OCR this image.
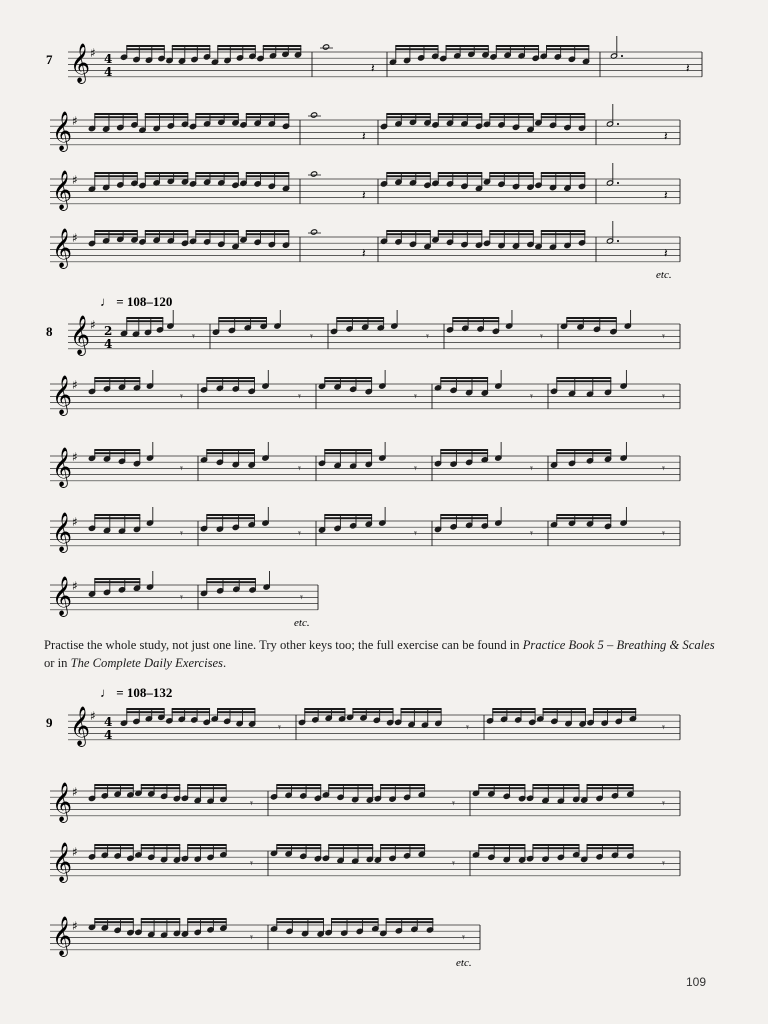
𝄞 ♯ 4
4
7
𝄽	𝄽
𝄞 ♯
𝄽	𝄽
𝄞 ♯
𝄽	𝄽
𝄞 ♯
etc.
𝄽	𝄽
𝄞 ♯ 2
4
8
♩ = 108–120
𝄾	𝄾	𝄾	𝄾	𝄾
𝄞 ♯
𝄾	𝄾	𝄾	𝄾	𝄾
𝄞 ♯
𝄾	𝄾	𝄾	𝄾	𝄾
𝄞 ♯
𝄾	𝄾	𝄾	𝄾	𝄾
𝄞 ♯
etc.
𝄾	𝄾
𝄞 ♯ 4
4
9
♩ = 108–132
𝄾	𝄾	𝄾
𝄞 ♯
𝄾	𝄾	𝄾
𝄞 ♯
𝄾	𝄾	𝄾
𝄞 ♯
etc.
𝄾	𝄾
Practise the whole study, not just one line. Try other keys too; the full exercise can be found in Practice Book 5 – Breathing & Scales or in The Complete Daily Exercises.
109
